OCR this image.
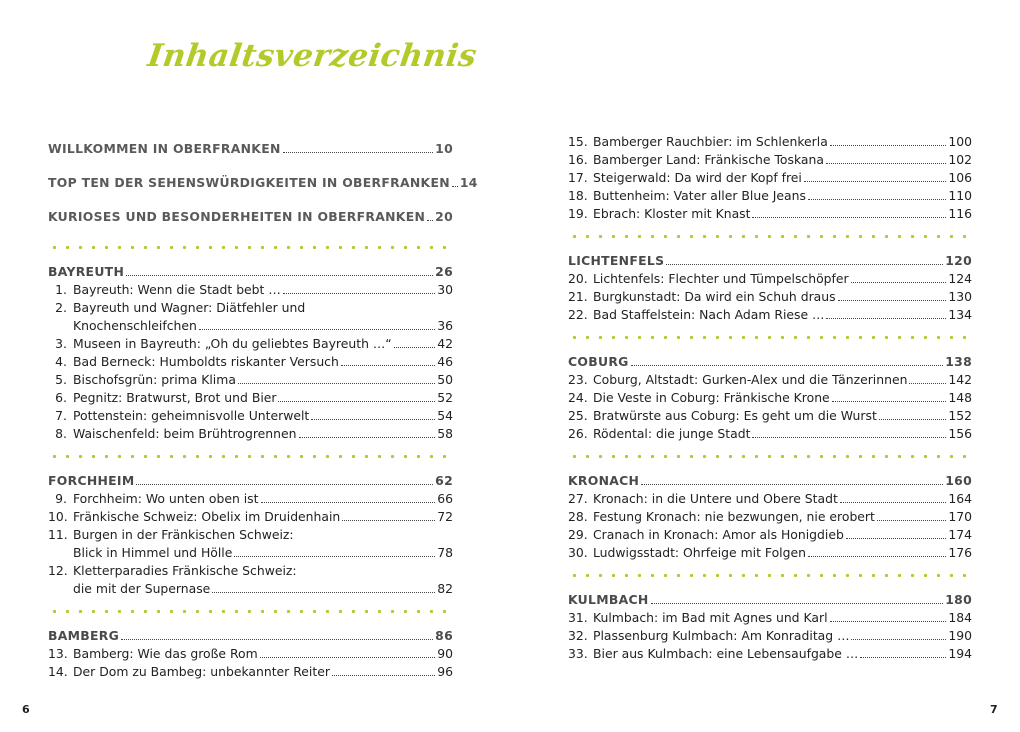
Inhaltsverzeichnis
WILLKOMMEN IN OBERFRANKEN	10
TOP TEN DER SEHENSWÜRDIGKEITEN IN OBERFRANKEN 14
KURIOSES UND BESONDERHEITEN IN OBERFRANKEN 20
BAYREUTH	26
1. Bayreuth: Wenn die Stadt bebt …	30
2. Bayreuth und Wagner: Diätfehler und
Knochenschleifchen	36
3. Museen in Bayreuth: „Oh du geliebtes Bayreuth …“	42
4. Bad Berneck: Humboldts riskanter Versuch	46
5. Bischofsgrün: prima Klima	50
6. Pegnitz: Bratwurst, Brot und Bier	52
7. Pottenstein: geheimnisvolle Unterwelt	54
8. Waischenfeld: beim Brühtrogrennen	58
FORCHHEIM	62
9. Forchheim: Wo unten oben ist	66
10. Fränkische Schweiz: Obelix im Druidenhain	72
11. Burgen in der Fränkischen Schweiz:
Blick in Himmel und Hölle	78
12. Kletterparadies Fränkische Schweiz:
die mit der Supernase	82
BAMBERG	86
13. Bamberg: Wie das große Rom	90
14. Der Dom zu Bambeg: unbekannter Reiter	96
15. Bamberger Rauchbier: im Schlenkerla	100
16. Bamberger Land: Fränkische Toskana	102
17. Steigerwald: Da wird der Kopf frei	106
18. Buttenheim: Vater aller Blue Jeans	110
19. Ebrach: Kloster mit Knast	116
LICHTENFELS	120
20. Lichtenfels: Flechter und Tümpelschöpfer	124
21. Burgkunstadt: Da wird ein Schuh draus	130
22. Bad Staffelstein: Nach Adam Riese …	134
COBURG	138
23. Coburg, Altstadt: Gurken-Alex und die Tänzerinnen	142
24. Die Veste in Coburg: Fränkische Krone	148
25. Bratwürste aus Coburg: Es geht um die Wurst	152
26. Rödental: die junge Stadt	156
KRONACH	160
27. Kronach: in die Untere und Obere Stadt	164
28. Festung Kronach: nie bezwungen, nie erobert	170
29. Cranach in Kronach: Amor als Honigdieb	174
30. Ludwigsstadt: Ohrfeige mit Folgen	176
KULMBACH	180
31. Kulmbach: im Bad mit Agnes und Karl	184
32. Plassenburg Kulmbach: Am Konraditag …	190
33. Bier aus Kulmbach: eine Lebensaufgabe …	194
6	7
